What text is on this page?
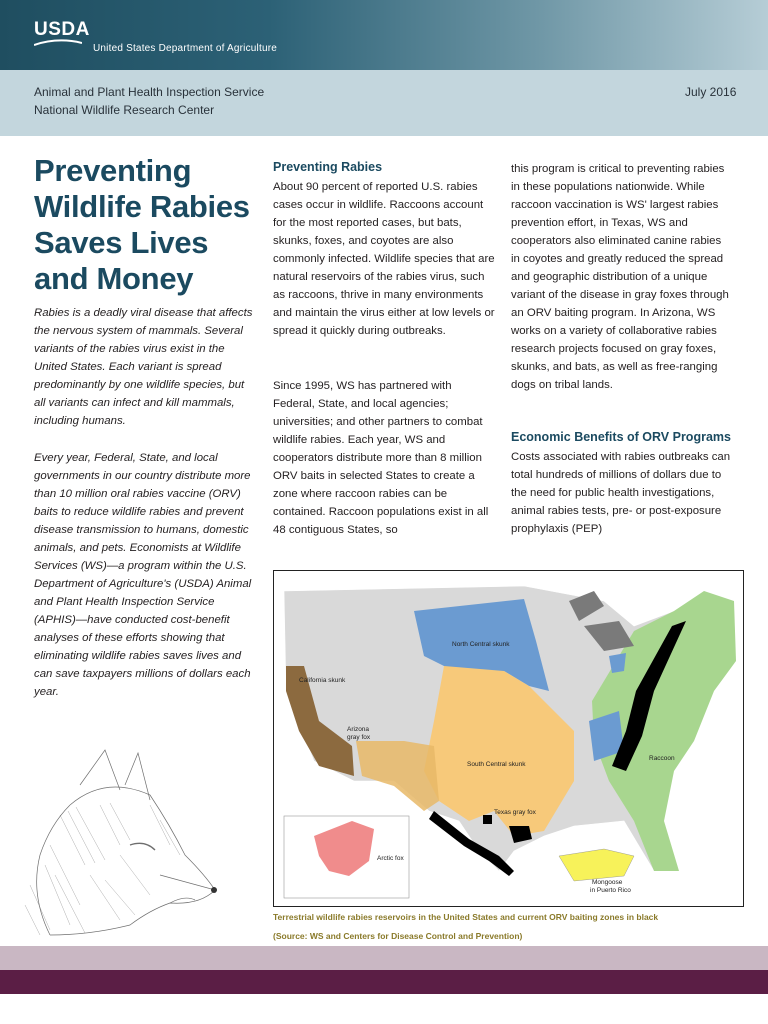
USDA
United States Department of Agriculture
Animal and Plant Health Inspection Service
National Wildlife Research Center
July 2016
Preventing Wildlife Rabies Saves Lives and Money

Rabies is a deadly viral disease that affects the nervous system of mammals. Several variants of the rabies virus exist in the United States. Each variant is spread predominantly by one wildlife species, but all variants can infect and kill mammals, including humans.

Every year, Federal, State, and local governments in our country distribute more than 10 million oral rabies vaccine (ORV) baits to reduce wildlife rabies and prevent disease transmission to humans, domestic animals, and pets. Economists at Wildlife Services (WS)—a program within the U.S. Department of Agriculture's (USDA) Animal and Plant Health Inspection Service (APHIS)—have conducted cost-benefit analyses of these efforts showing that eliminating wildlife rabies saves lives and can save taxpayers millions of dollars each year.

Preventing Rabies

About 90 percent of reported U.S. rabies cases occur in wildlife. Raccoons account for the most reported cases, but bats, skunks, foxes, and coyotes are also commonly infected. Wildlife species that are natural reservoirs of the rabies virus, such as raccoons, thrive in many environments and maintain the virus either at low levels or spread it quickly during outbreaks.

Since 1995, WS has partnered with Federal, State, and local agencies; universities; and other partners to combat wildlife rabies. Each year, WS and cooperators distribute more than 8 million ORV baits in selected States to create a zone where raccoon rabies can be contained. Raccoon populations exist in all 48 contiguous States, so

this program is critical to preventing rabies in these populations nationwide. While raccoon vaccination is WS' largest rabies prevention effort, in Texas, WS and cooperators also eliminated canine rabies in coyotes and greatly reduced the spread and geographic distribution of a unique variant of the disease in gray foxes through an ORV baiting program. In Arizona, WS works on a variety of collaborative rabies research projects focused on gray foxes, skunks, and bats, as well as free-ranging dogs on tribal lands.

Economic Benefits of ORV Programs

Costs associated with rabies outbreaks can total hundreds of millions of dollars due to the need for public health investigations, animal rabies tests, pre- or post-exposure prophylaxis (PEP)

North Central skunk
California skunk
Arizona
gray fox
South Central skunk
Texas gray fox
Raccoon
Arctic fox
Mongoose
in Puerto Rico
Terrestrial wildlife rabies reservoirs in the United States and current ORV baiting zones in black
(Source: WS and Centers for Disease Control and Prevention)
